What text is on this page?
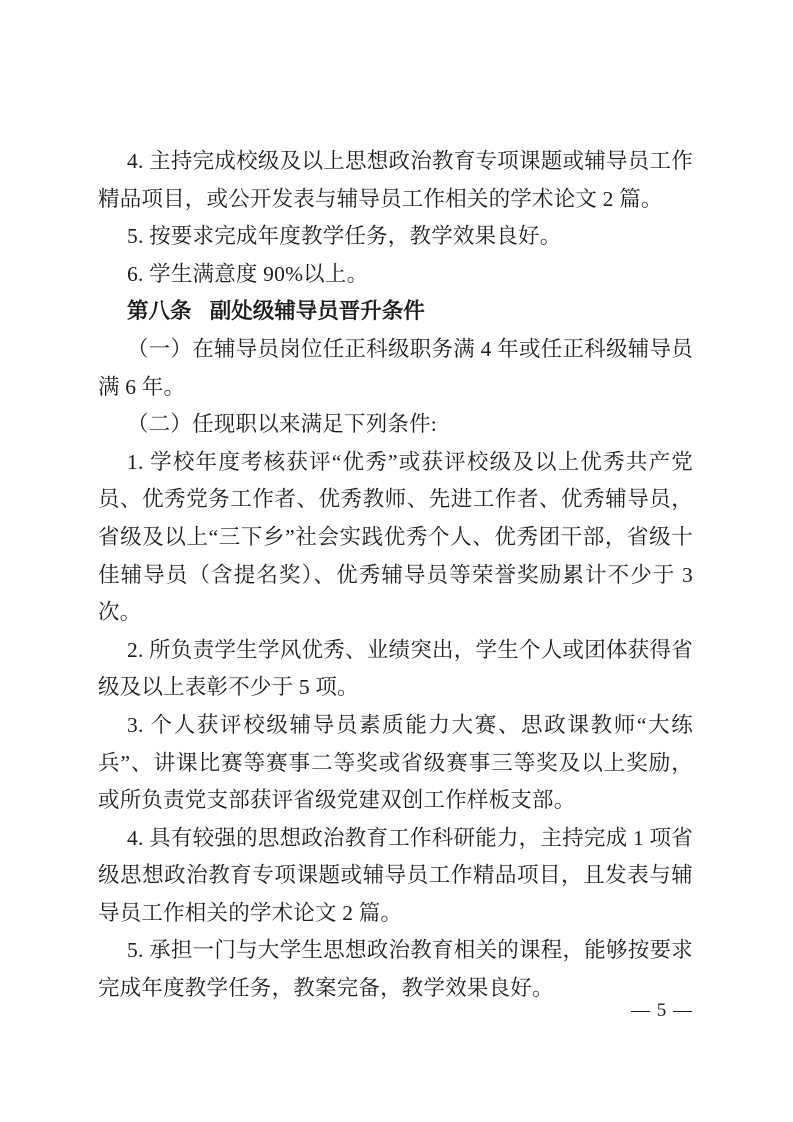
4. 主持完成校级及以上思想政治教育专项课题或辅导员工作精品项目，或公开发表与辅导员工作相关的学术论文 2 篇。

5. 按要求完成年度教学任务，教学效果良好。

6. 学生满意度 90%以上。

第八条 副处级辅导员晋升条件

（一）在辅导员岗位任正科级职务满 4 年或任正科级辅导员满 6 年。

（二）任现职以来满足下列条件:

1. 学校年度考核获评“优秀”或获评校级及以上优秀共产党员、优秀党务工作者、优秀教师、先进工作者、优秀辅导员，省级及以上“三下乡”社会实践优秀个人、优秀团干部，省级十佳辅导员（含提名奖）、优秀辅导员等荣誉奖励累计不少于 3 次。

2. 所负责学生学风优秀、业绩突出，学生个人或团体获得省级及以上表彰不少于 5 项。

3. 个人获评校级辅导员素质能力大赛、思政课教师“大练兵”、讲课比赛等赛事二等奖或省级赛事三等奖及以上奖励，或所负责党支部获评省级党建双创工作样板支部。

4. 具有较强的思想政治教育工作科研能力，主持完成 1 项省级思想政治教育专项课题或辅导员工作精品项目，且发表与辅导员工作相关的学术论文 2 篇。

5. 承担一门与大学生思想政治教育相关的课程，能够按要求完成年度教学任务，教案完备，教学效果良好。

— 5 —
